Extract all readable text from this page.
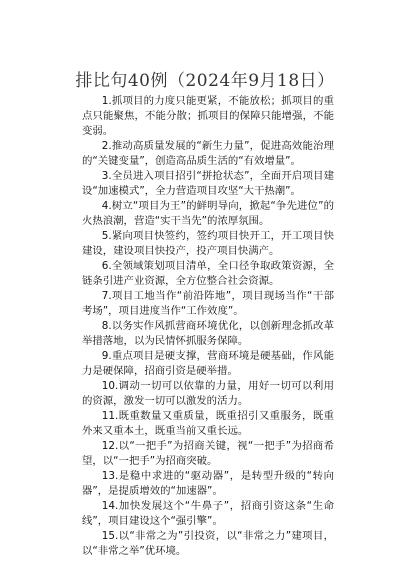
排比句40例（2024年9月18日）

1.抓项目的力度只能更紧，不能放松；抓项目的重点只能聚焦，不能分散；抓项目的保障只能增强，不能变弱。

2.推动高质量发展的“新生力量”，促进高效能治理的“关键变量”，创造高品质生活的“有效增量”。

3.全员进入项目招引“拼抢状态”，全面开启项目建设“加速模式”，全力营造项目攻坚“大干热潮”。

4.树立“项目为王”的鲜明导向，掀起“争先进位”的火热浪潮，营造“实干当先”的浓厚氛围。

5.紧向项目快签约，签约项目快开工，开工项目快建设，建设项目快投产，投产项目快满产。

6.全领域策划项目清单，全口径争取政策资源，全链条引进产业资源，全方位整合社会资源。

7.项目工地当作“前沿阵地”，项目现场当作“干部考场”，项目进度当作“工作效度”。

8.以务实作风抓营商环境优化，以创新理念抓改革举措落地，以为民情怀抓服务保障。

9.重点项目是硬支撑，营商环境是硬基础，作风能力是硬保障，招商引资是硬举措。

10.调动一切可以依靠的力量，用好一切可以利用的资源，激发一切可以激发的活力。

11.既重数量又重质量，既重招引又重服务，既重外来又重本土，既重当前又重长远。

12.以“一把手”为招商关键，视“一把手”为招商希望，以“一把手”为招商突破。

13.是稳中求进的“驱动器”，是转型升级的“转向器”，是提质增效的“加速器”。

14.加快发展这个“牛鼻子”，招商引资这条“生命线”，项目建设这个“强引擎”。

15.以“非常之为”引投资，以“非常之力”建项目，以“非常之举”优环境。
